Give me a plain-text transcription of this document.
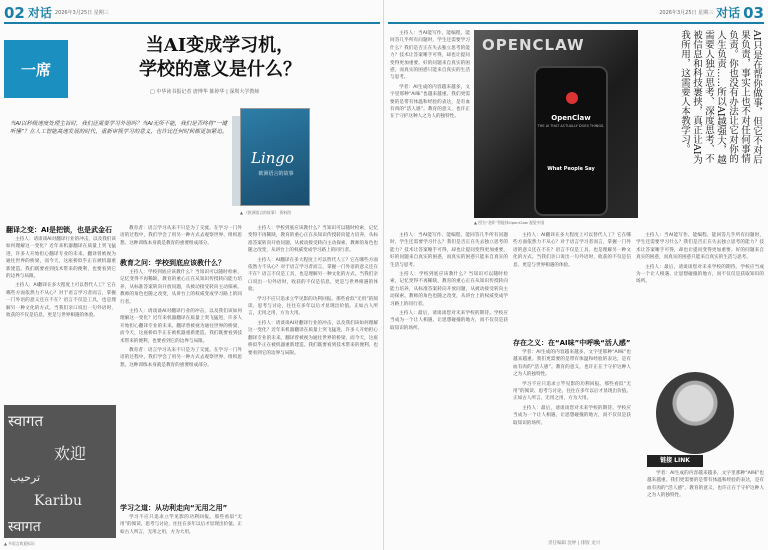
02 对话 2026年3月25日 星期三	2026年3月25日 星期三 对话 03
一席
当AI变成学习机，
学校的意义是什么？
□ 中华读书报记者 唐博华 陈婷华 | 深圳大学教师
Lingo
欧洲语言的故事
▲ 《欧洲语言的故事》 资料图
当AI以秒级速度处理主旨时，我们还需要学习外语吗？当AI无所不能，我们是否终将“一键听懂”？在人工智能高速发展的时代，重新审视学习的意义，也许比任何时候都更加紧迫。
翻译之变：AI是把锁，也是武金石

主持人：请谈谈AI对翻译行业的冲击，以及我们该如何理解这一变化？近年来机器翻译在质量上突飞猛进，许多人开始担心翻译专业的未来。翻译曾被视为通往世界的桥梁，而今天，这座桥似乎正在被机器重新建造。我们既要看到技术带来的便利，也要看到它的边界与局限。

主持人：AI翻译在多大程度上可以替代人工？它在哪些方面依然力不从心？对于语言学习者而言，掌握一门外语的意义还在不在？语言不仅是工具，也是理解另一种文化的方式。当我们亲口说出一句外语时，收获的不仅是信息，更是与世界相遇的体验。

教育者：语言学习从来不只是为了交流。在学习一门外语的过程中，我们学会了用另一种方式去观察世界、组织思想。这种训练本身就是教育的重要组成部分。

教育之问：学校到底应该教什么？

主持人：学校到底应该教什么？当知识可以随时检索，记忆变得不再稀缺，教育的重心正在从知识传授转向能力培养，从标准答案转向开放问题，从被动接受转向主动探索。教师的角色也随之改变，从讲台上的权威变成学习路上的同行者。

主持人：请谈谈AI对翻译行业的冲击，以及我们该如何理解这一变化？近年来机器翻译在质量上突飞猛进，许多人开始担心翻译专业的未来。翻译曾被视为通往世界的桥梁，而今天，这座桥似乎正在被机器重新建造。我们既要看到技术带来的便利，也要看到它的边界与局限。

教育者：语言学习从来不只是为了交流。在学习一门外语的过程中，我们学会了用另一种方式去观察世界、组织思想。这种训练本身就是教育的重要组成部分。

学习之道：从功利走向“无用之用”

学习不应只追求立竿见影的功利回报。那些看似“无用”的阅读、思考与讨论，往往在多年以后才显现出价值。正如古人所言，无用之用，方为大用。

主持人：学校到底应该教什么？当知识可以随时检索，记忆变得不再稀缺，教育的重心正在从知识传授转向能力培养，从标准答案转向开放问题，从被动接受转向主动探索。教师的角色也随之改变，从讲台上的权威变成学习路上的同行者。

主持人：AI翻译在多大程度上可以替代人工？它在哪些方面依然力不从心？对于语言学习者而言，掌握一门外语的意义还在不在？语言不仅是工具，也是理解另一种文化的方式。当我们亲口说出一句外语时，收获的不仅是信息，更是与世界相遇的体验。

学习不应只追求立竿见影的功利回报。那些看似“无用”的阅读、思考与讨论，往往在多年以后才显现出价值。正如古人所言，无用之用，方为大用。

主持人：请谈谈AI对翻译行业的冲击，以及我们该如何理解这一变化？近年来机器翻译在质量上突飞猛进，许多人开始担心翻译专业的未来。翻译曾被视为通往世界的桥梁，而今天，这座桥似乎正在被机器重新建造。我们既要看到技术带来的便利，也要看到它的边界与局限。

स्वागत
欢迎
ترحيب
Karibu
स्वागत
▲ 多语言欢迎标识
OPENCLAW
OpenClaw
THE AI THAT ACTUALLY DOES THINGS.
What People Say
▲ 图为“龙虾”智能体OpenClaw 视觉中国
AI只是在帮你做事，但它不对后果负责，事实上也不对任何事情负责。你也没有办法让它对你的人生负责……所以AI越强大，越需要人独立思考、深度思考、不被信息和科技裹挟，真正让AI为我所用，这需要人本教学习。

主持人：当AI能写作、能编程、能回答几乎所有问题时，学生还需要学习什么？我们是否正在失去独立思考的能力？技术让答案唾手可得，却也让提问变得更加重要。好的问题来自真实的困惑，而真实的困惑只能来自真实的生活与思考。

学者：AI生成的内容越来越多，文字里那种“AI味”也越来越重。我们更需要的是带有体温和经验的表达，是有血有肉的“活人感”。教育的意义，也许正在于守护这种人之为人的独特性。

主持人：当AI能写作、能编程、能回答几乎所有问题时，学生还需要学习什么？我们是否正在失去独立思考的能力？技术让答案唾手可得，却也让提问变得更加重要。好的问题来自真实的困惑，而真实的困惑只能来自真实的生活与思考。

主持人：学校到底应该教什么？当知识可以随时检索，记忆变得不再稀缺，教育的重心正在从知识传授转向能力培养，从标准答案转向开放问题，从被动接受转向主动探索。教师的角色也随之改变，从讲台上的权威变成学习路上的同行者。

主持人：最后，请谈谈您对未来学校的期待。学校应当成为一个让人相遇、让思想碰撞的地方，而不仅仅是获取知识的场所。

主持人：AI翻译在多大程度上可以替代人工？它在哪些方面依然力不从心？对于语言学习者而言，掌握一门外语的意义还在不在？语言不仅是工具，也是理解另一种文化的方式。当我们亲口说出一句外语时，收获的不仅是信息，更是与世界相遇的体验。

存在之义：在“AI味”中呼唤“活人感”

学者：AI生成的内容越来越多，文字里那种“AI味”也越来越重。我们更需要的是带有体温和经验的表达，是有血有肉的“活人感”。教育的意义，也许正在于守护这种人之为人的独特性。

学习不应只追求立竿见影的功利回报。那些看似“无用”的阅读、思考与讨论，往往在多年以后才显现出价值。正如古人所言，无用之用，方为大用。

主持人：最后，请谈谈您对未来学校的期待。学校应当成为一个让人相遇、让思想碰撞的地方，而不仅仅是获取知识的场所。

主持人：当AI能写作、能编程、能回答几乎所有问题时，学生还需要学习什么？我们是否正在失去独立思考的能力？技术让答案唾手可得，却也让提问变得更加重要。好的问题来自真实的困惑，而真实的困惑只能来自真实的生活与思考。

主持人：最后，请谈谈您对未来学校的期待。学校应当成为一个让人相遇、让思想碰撞的地方，而不仅仅是获取知识的场所。

链接 LINK

学者：AI生成的内容越来越多，文字里那种“AI味”也越来越重。我们更需要的是带有体温和经验的表达，是有血有肉的“活人感”。教育的意义，也许正在于守护这种人之为人的独特性。

责任编辑 沈婷 | 排版 龙兴
